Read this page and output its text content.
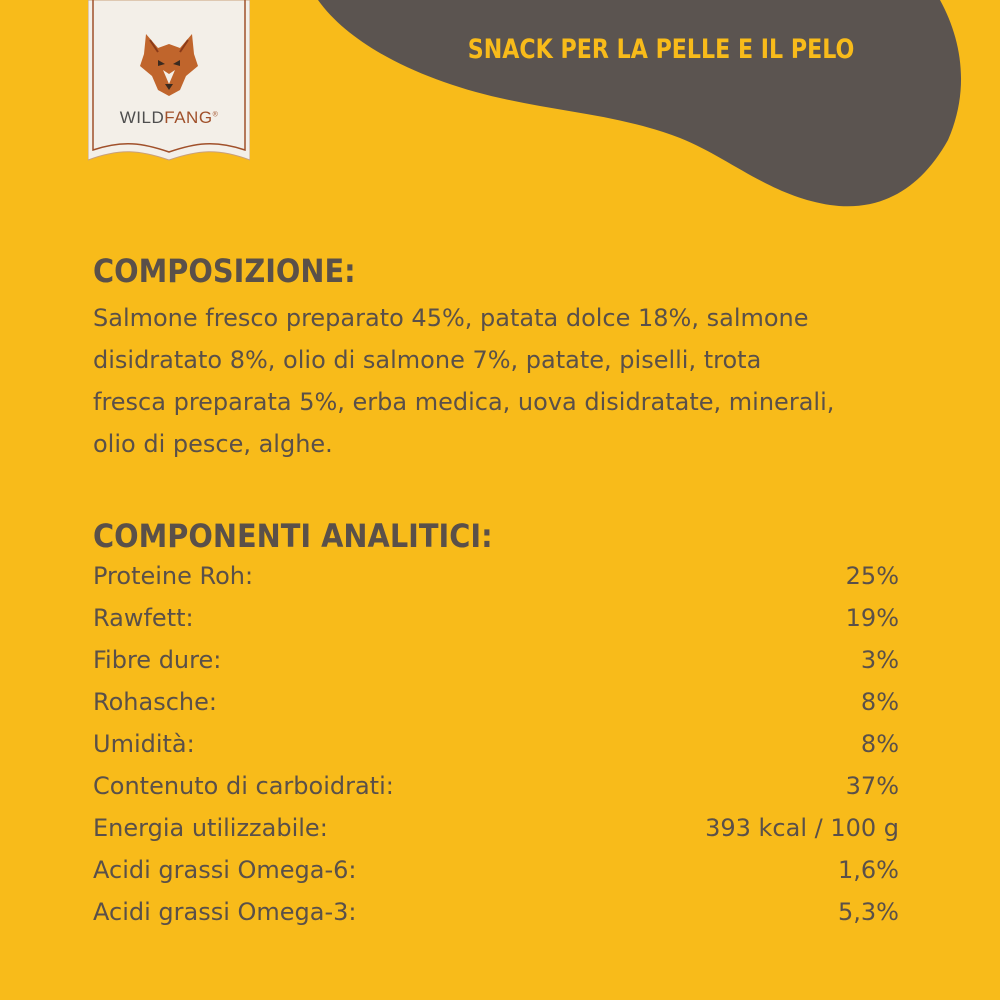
WILDFANG®
SNACK PER LA PELLE E IL PELO
COMPOSIZIONE:
Salmone fresco preparato 45%, patata dolce 18%, salmone
disidratato 8%, olio di salmone 7%, patate, piselli, trota
fresca preparata 5%, erba medica, uova disidratate, minerali,
olio di pesce, alghe.
COMPONENTI ANALITICI:
Proteine Roh:	25%
Rawfett:	19%
Fibre dure:	3%
Rohasche:	8%
Umidità:	8%
Contenuto di carboidrati:	37%
Energia utilizzabile:	393 kcal / 100 g
Acidi grassi Omega-6:	1,6%
Acidi grassi Omega-3:	5,3%
